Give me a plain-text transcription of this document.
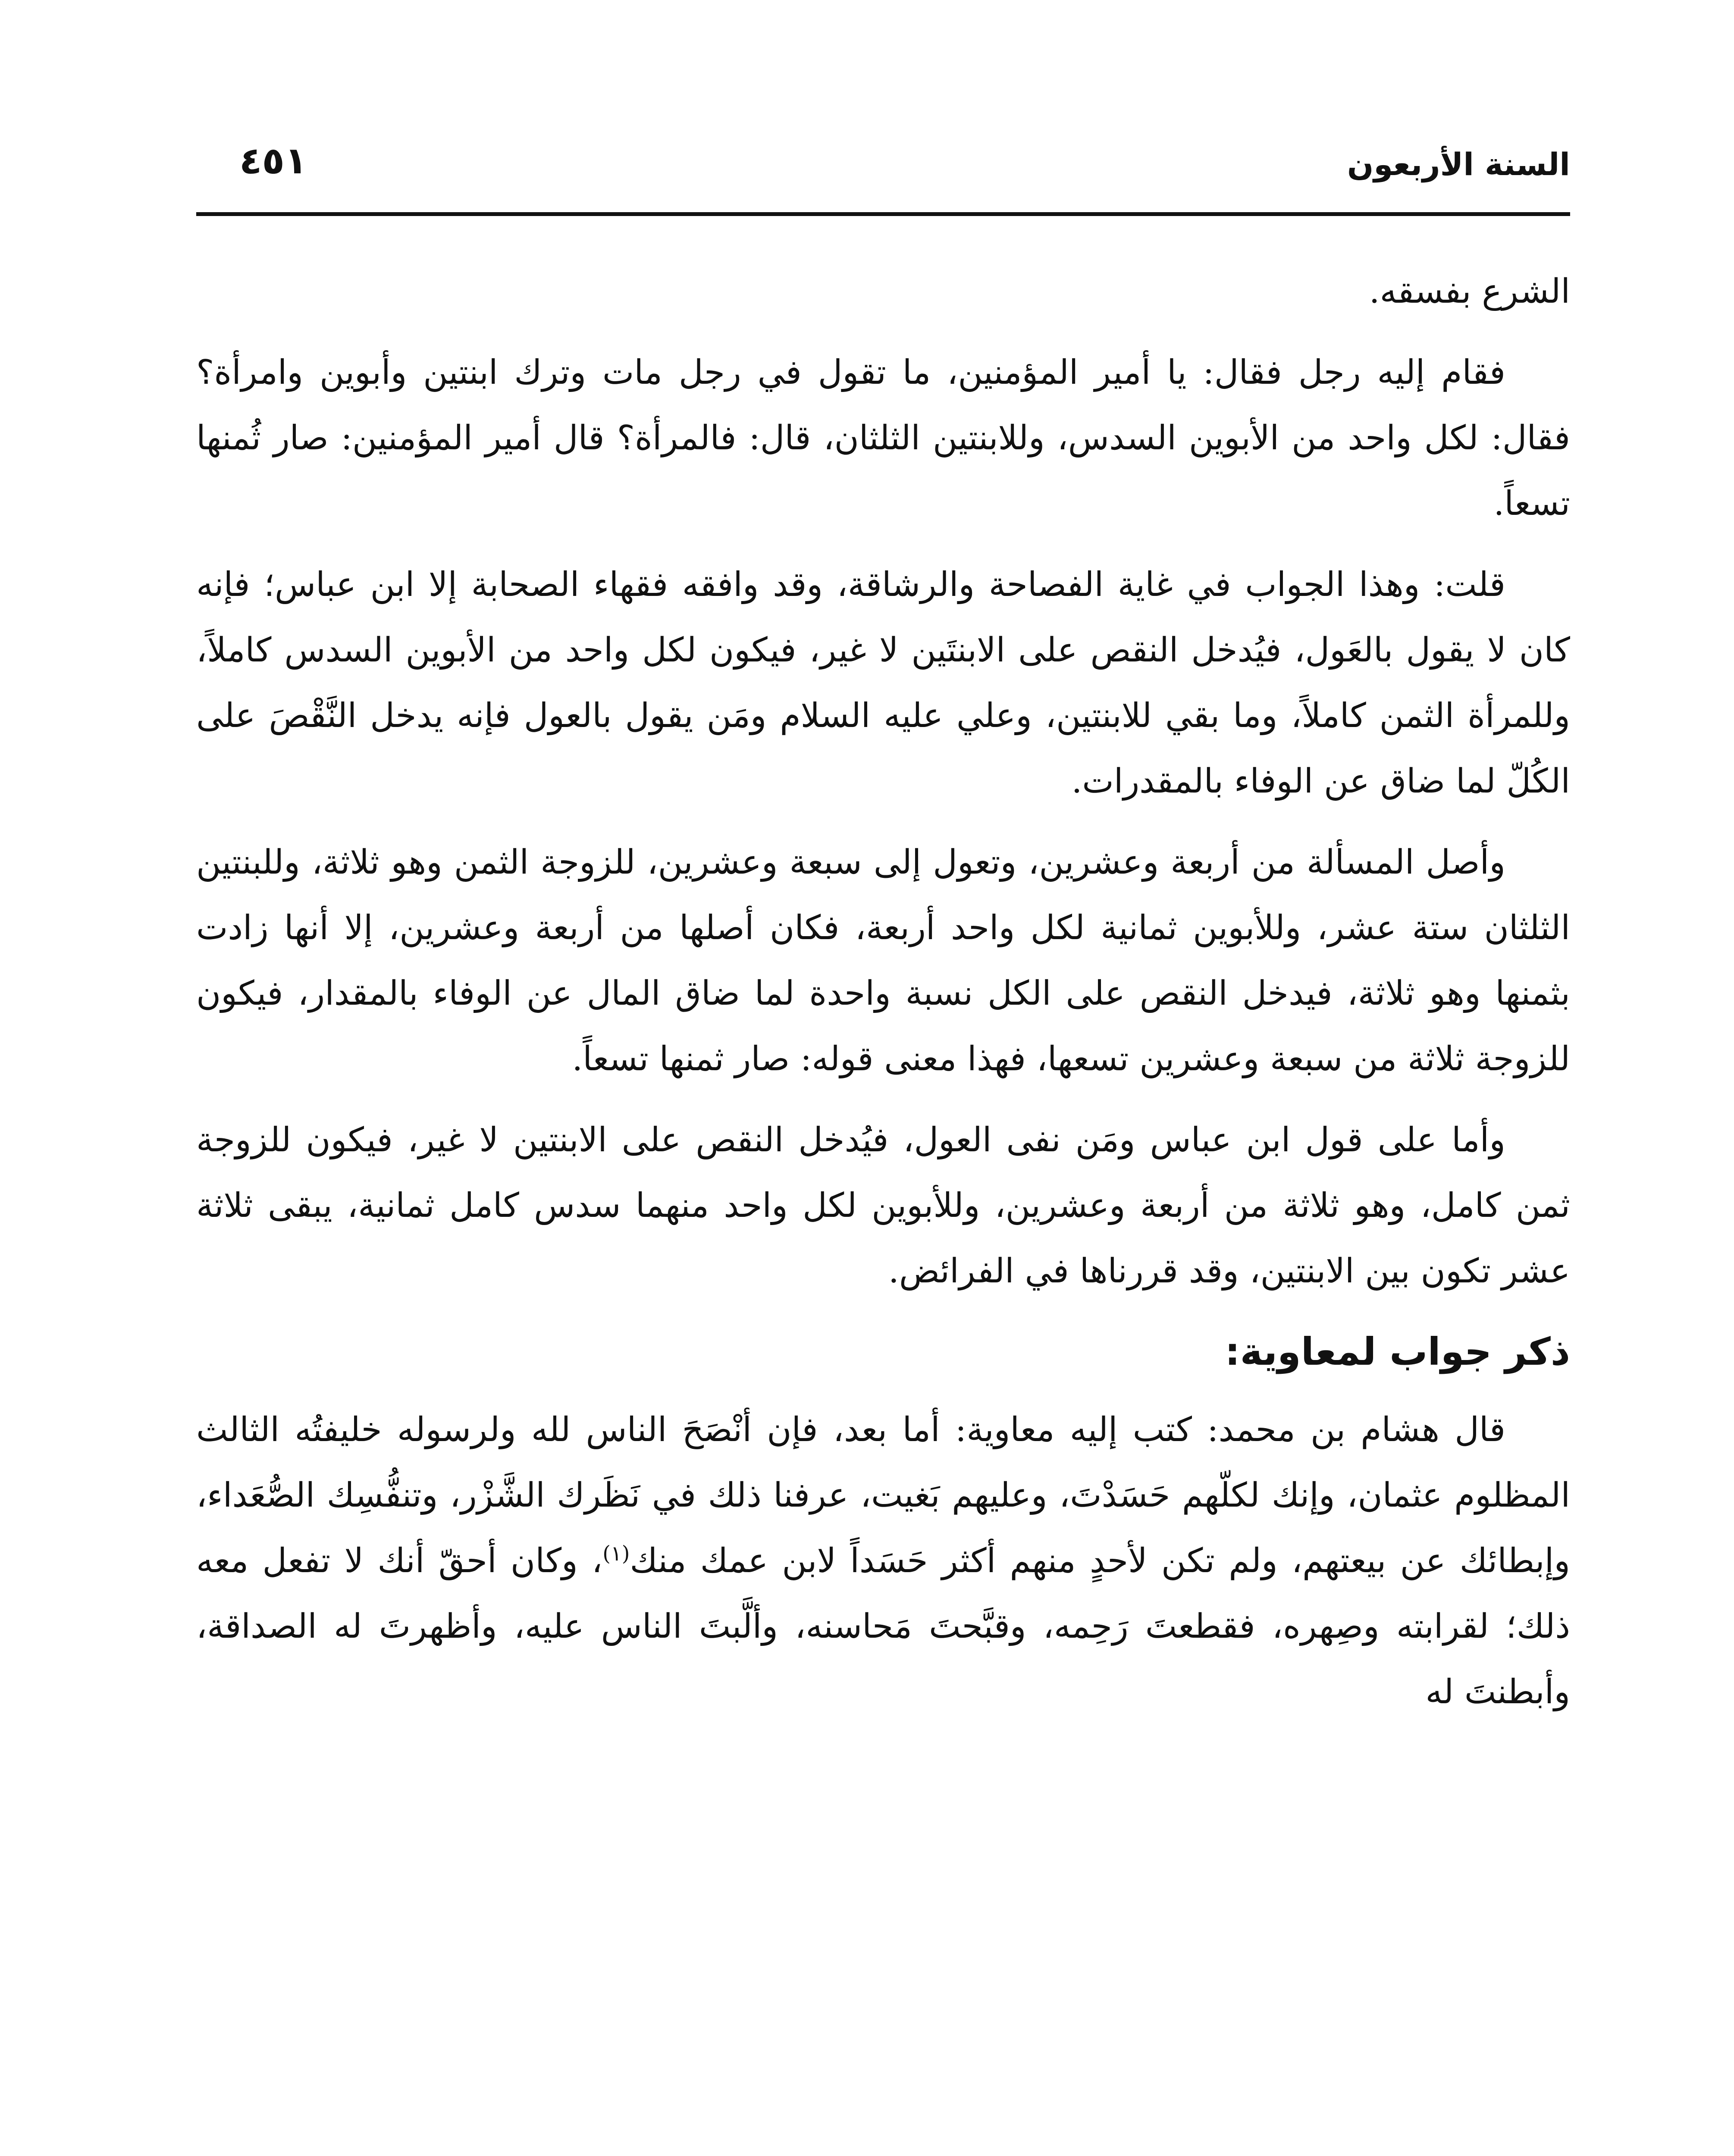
السنة الأربعون
٤٥١

الشرع بفسقه.

فقام إليه رجل فقال: يا أمير المؤمنين، ما تقول في رجل مات وترك ابنتين وأبوين وامرأة؟ فقال: لكل واحد من الأبوين السدس، وللابنتين الثلثان، قال: فالمرأة؟ قال أمير المؤمنين: صار ثُمنها تسعاً.

قلت: وهذا الجواب في غاية الفصاحة والرشاقة، وقد وافقه فقهاء الصحابة إلا ابن عباس؛ فإنه كان لا يقول بالعَول، فيُدخل النقص على الابنتَين لا غير، فيكون لكل واحد من الأبوين السدس كاملاً، وللمرأة الثمن كاملاً، وما بقي للابنتين، وعلي عليه السلام ومَن يقول بالعول فإنه يدخل النَّقْصَ على الكُلّ لما ضاق عن الوفاء بالمقدرات.

وأصل المسألة من أربعة وعشرين، وتعول إلى سبعة وعشرين، للزوجة الثمن وهو ثلاثة، وللبنتين الثلثان ستة عشر، وللأبوين ثمانية لكل واحد أربعة، فكان أصلها من أربعة وعشرين، إلا أنها زادت بثمنها وهو ثلاثة، فيدخل النقص على الكل نسبة واحدة لما ضاق المال عن الوفاء بالمقدار، فيكون للزوجة ثلاثة من سبعة وعشرين تسعها، فهذا معنى قوله: صار ثمنها تسعاً.

وأما على قول ابن عباس ومَن نفى العول، فيُدخل النقص على الابنتين لا غير، فيكون للزوجة ثمن كامل، وهو ثلاثة من أربعة وعشرين، وللأبوين لكل واحد منهما سدس كامل ثمانية، يبقى ثلاثة عشر تكون بين الابنتين، وقد قررناها في الفرائض.

ذكر جواب لمعاوية:

قال هشام بن محمد: كتب إليه معاوية: أما بعد، فإن أنْصَحَ الناس لله ولرسوله خليفتُه الثالث المظلوم عثمان، وإنك لكلّهم حَسَدْتَ، وعليهم بَغيت، عرفنا ذلك في نَظَرك الشَّزْر، وتنفُّسِك الصُّعَداء، وإبطائك عن بيعتهم، ولم تكن لأحدٍ منهم أكثر حَسَداً لابن عمك منك$^{(١)}$، وكان أحقّ أنك لا تفعل معه ذلك؛ لقرابته وصِهره، فقطعتَ رَحِمه، وقبَّحتَ مَحاسنه، وألَّبتَ الناس عليه، وأظهرتَ له الصداقة، وأبطنتَ له
